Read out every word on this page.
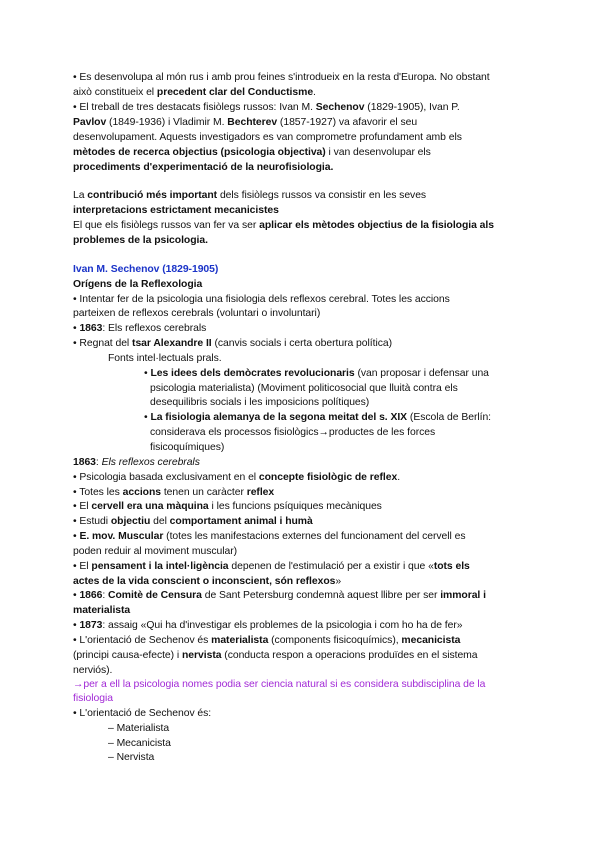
• Es desenvolupa al món rus i amb prou feines s'introdueix en la resta d'Europa. No obstant
això constitueix el precedent clar del Conductisme.
• El treball de tres destacats fisiòlegs russos: Ivan M. Sechenov (1829-1905), Ivan P.
Pavlov (1849-1936) i Vladimir M. Bechterev (1857-1927) va afavorir el seu
desenvolupament. Aquests investigadors es van comprometre profundament amb els
mètodes de recerca objectius (psicologia objectiva) i van desenvolupar els
procediments d'experimentació de la neurofisiologia.
La contribució més important dels fisiòlegs russos va consistir en les seves
interpretacions estrictament mecanicistes
El que els fisiòlegs russos van fer va ser aplicar els mètodes objectius de la fisiologia als
problemes de la psicologia.
Ivan M. Sechenov (1829-1905)
Orígens de la Reflexologia
• Intentar fer de la psicologia una fisiologia dels reflexos cerebral. Totes les accions
parteixen de reflexos cerebrals (voluntari o involuntari)
• 1863: Els reflexos cerebrals
• Regnat del tsar Alexandre II (canvis socials i certa obertura política)
Fonts intel·lectuals prals.
• Les idees dels demòcrates revolucionaris (van proposar i defensar una
psicologia materialista) (Moviment politicosocial que lluità contra els
desequilibris socials i les imposicions polítiques)
• La fisiologia alemanya de la segona meitat del s. XIX (Escola de Berlín:
considerava els processos fisiològics→productes de les forces
fisicoquímiques)
1863: Els reflexos cerebrals
• Psicologia basada exclusivament en el concepte fisiològic de reflex.
• Totes les accions tenen un caràcter reflex
• El cervell era una màquina i les funcions psíquiques mecàniques
• Estudi objectiu del comportament animal i humà
• E. mov. Muscular (totes les manifestacions externes del funcionament del cervell es
poden reduir al moviment muscular)
• El pensament i la intel·ligència depenen de l'estimulació per a existir i que «tots els
actes de la vida conscient o inconscient, són reflexos»
• 1866: Comitè de Censura de Sant Petersburg condemnà aquest llibre per ser immoral i
materialista
• 1873: assaig «Qui ha d'investigar els problemes de la psicologia i com ho ha de fer»
• L'orientació de Sechenov és materialista (components fisicoquímics), mecanicista
(principi causa-efecte) i nervista (conducta respon a operacions produïdes en el sistema
nerviós).
→per a ell la psicologia nomes podia ser ciencia natural si es considera subdisciplina de la
fisiologia
• L'orientació de Sechenov és:
– Materialista
– Mecanicista
– Nervista
